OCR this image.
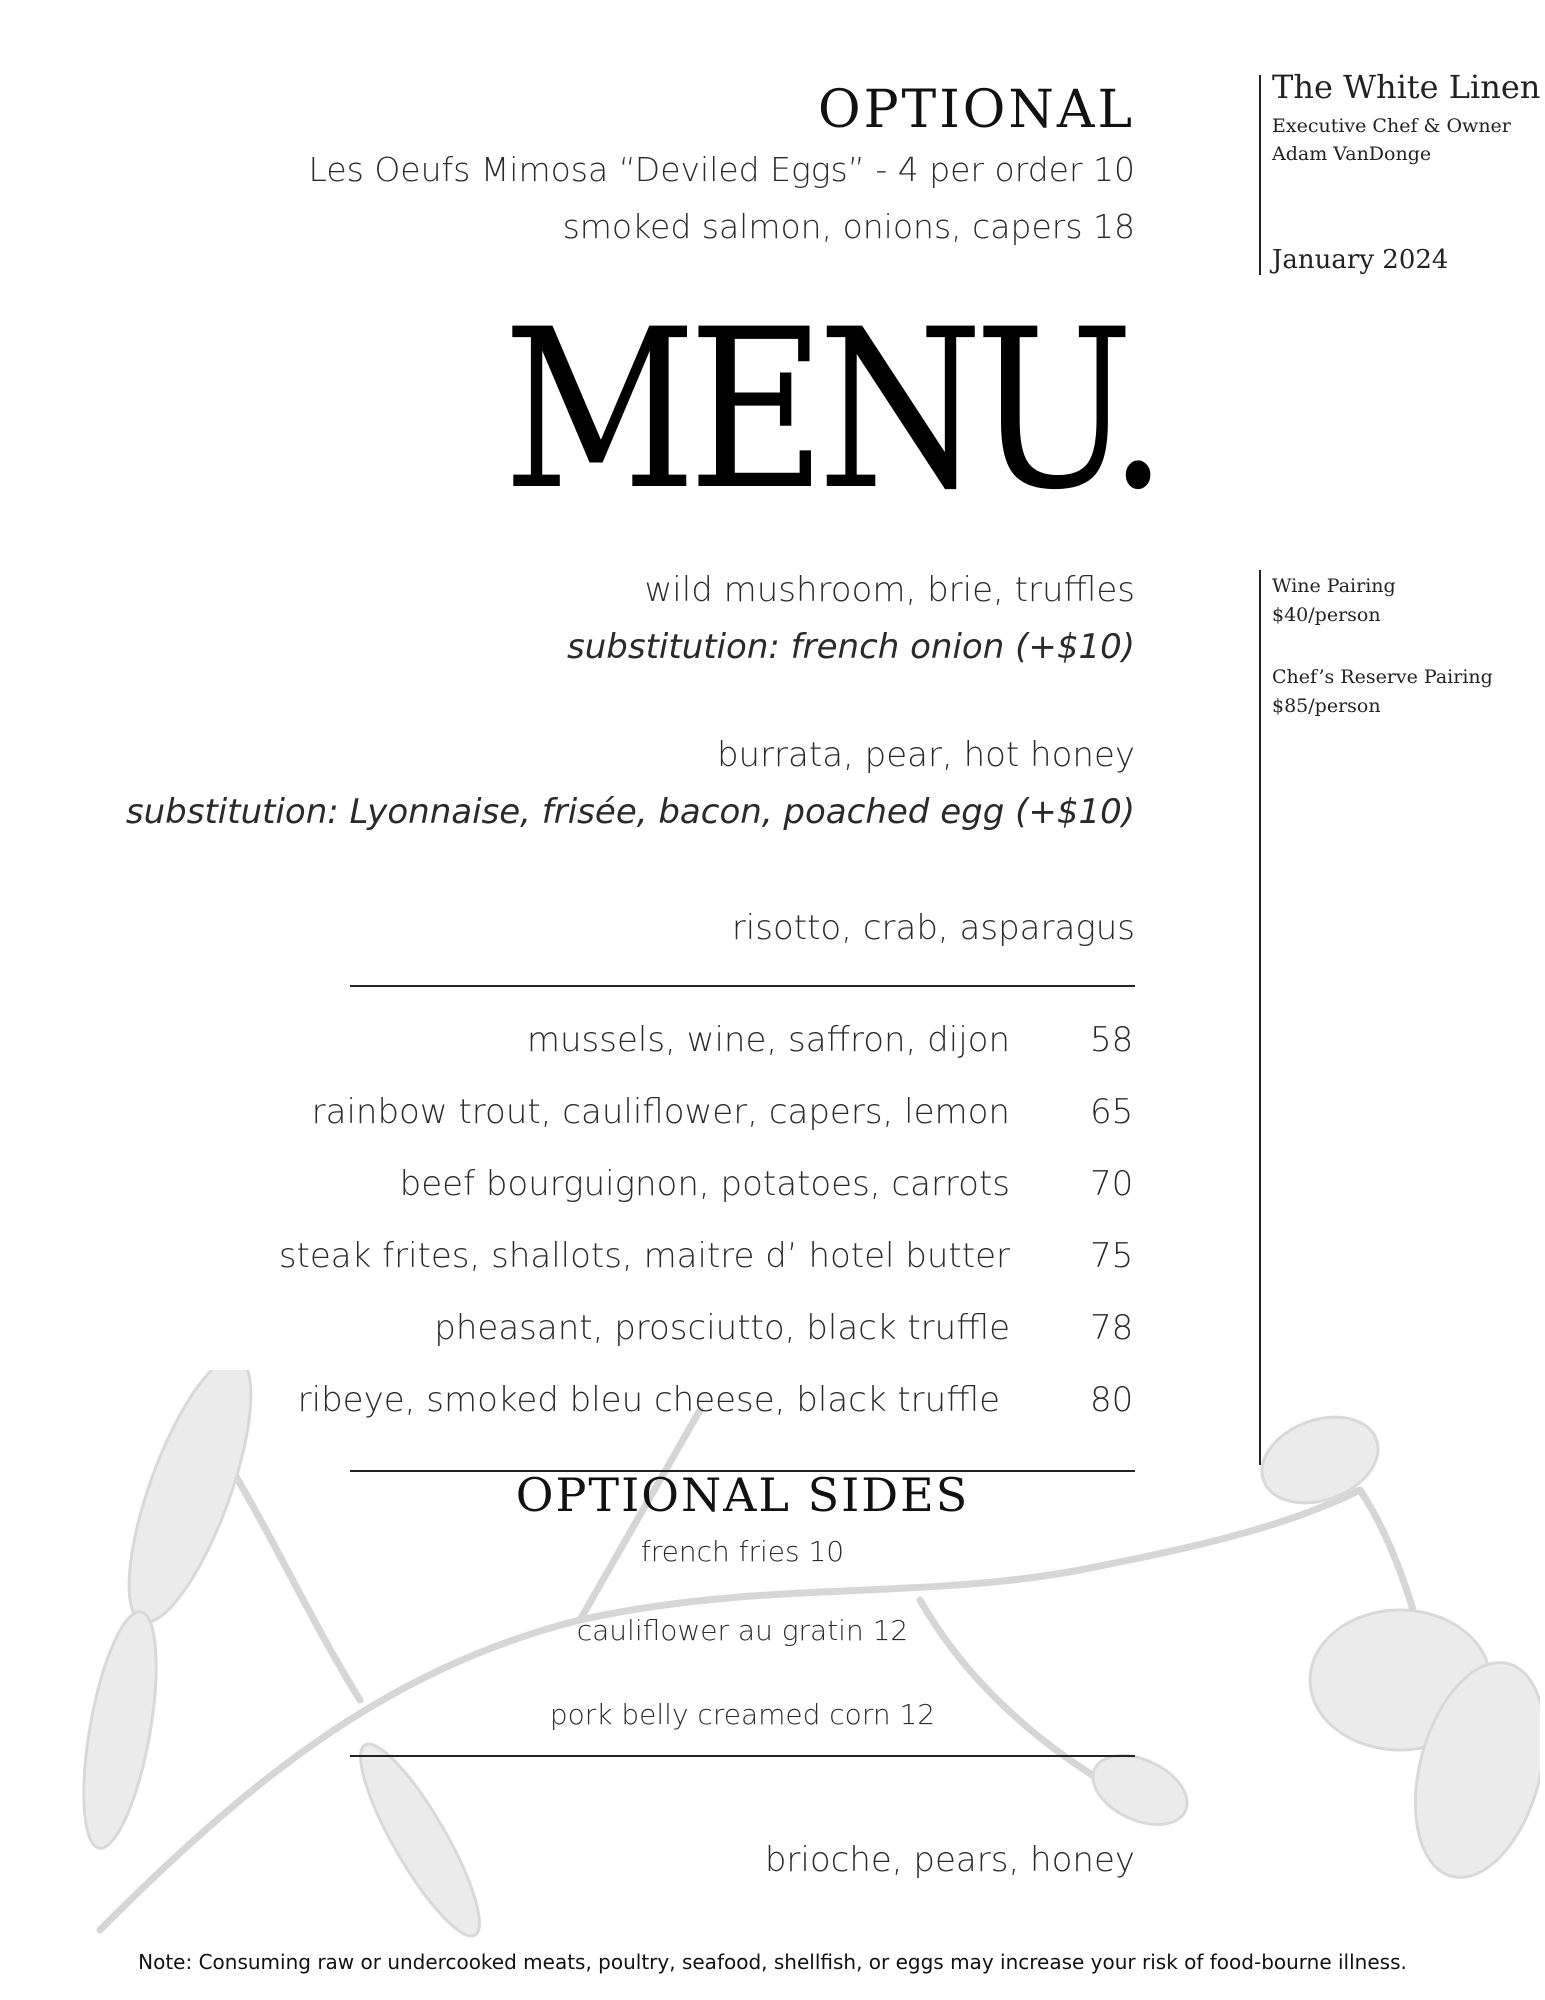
OPTIONAL
Les Oeufs Mimosa “Deviled Eggs” - 4 per order 10
smoked salmon, onions, capers 18
MENU.
The White Linen
Executive Chef & Owner
Adam VanDonge
January 2024
Wine Pairing
$40/person
Chef’s Reserve Pairing
$85/person
wild mushroom, brie, truffles
substitution: french onion (+$10)
burrata, pear, hot honey
substitution: Lyonnaise, frisée, bacon, poached egg (+$10)
risotto, crab, asparagus
mussels, wine, saffron, dijon 58
rainbow trout, cauliflower, capers, lemon 65
beef bourguignon, potatoes, carrots 70
steak frites, shallots, maitre d’ hotel butter 75
pheasant, prosciutto, black truffle 78
ribeye, smoked bleu cheese, black truffle	80
OPTIONAL SIDES
french fries 10
cauliflower au gratin 12
pork belly creamed corn 12
brioche, pears, honey
Note: Consuming raw or undercooked meats, poultry, seafood, shellfish, or eggs may increase your risk of food-bourne illness.
